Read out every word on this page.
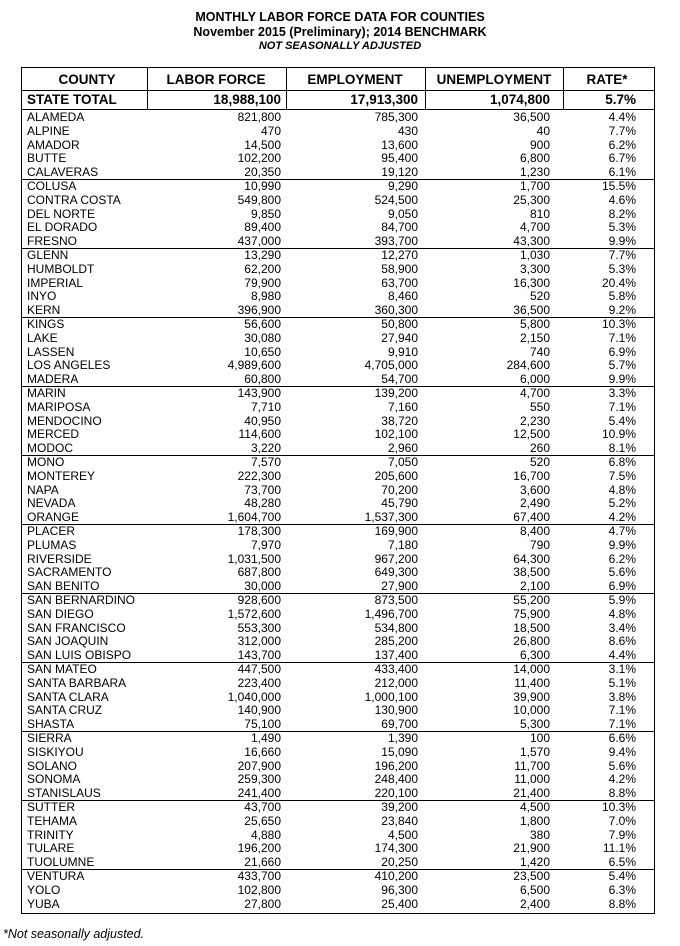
MONTHLY LABOR FORCE DATA FOR COUNTIES
November 2015 (Preliminary); 2014 BENCHMARK
NOT SEASONALLY ADJUSTED
COUNTY	LABOR FORCE	EMPLOYMENT	UNEMPLOYMENT	RATE*
STATE TOTAL	18,988,100	17,913,300	1,074,800	5.7%
ALAMEDA	821,800	785,300	36,500	4.4%
ALPINE	470	430	40	7.7%
AMADOR	14,500	13,600	900	6.2%
BUTTE	102,200	95,400	6,800	6.7%
CALAVERAS	20,350	19,120	1,230	6.1%
COLUSA	10,990	9,290	1,700	15.5%
CONTRA COSTA	549,800	524,500	25,300	4.6%
DEL NORTE	9,850	9,050	810	8.2%
EL DORADO	89,400	84,700	4,700	5.3%
FRESNO	437,000	393,700	43,300	9.9%
GLENN	13,290	12,270	1,030	7.7%
HUMBOLDT	62,200	58,900	3,300	5.3%
IMPERIAL	79,900	63,700	16,300	20.4%
INYO	8,980	8,460	520	5.8%
KERN	396,900	360,300	36,500	9.2%
KINGS	56,600	50,800	5,800	10.3%
LAKE	30,080	27,940	2,150	7.1%
LASSEN	10,650	9,910	740	6.9%
LOS ANGELES	4,989,600	4,705,000	284,600	5.7%
MADERA	60,800	54,700	6,000	9.9%
MARIN	143,900	139,200	4,700	3.3%
MARIPOSA	7,710	7,160	550	7.1%
MENDOCINO	40,950	38,720	2,230	5.4%
MERCED	114,600	102,100	12,500	10.9%
MODOC	3,220	2,960	260	8.1%
MONO	7,570	7,050	520	6.8%
MONTEREY	222,300	205,600	16,700	7.5%
NAPA	73,700	70,200	3,600	4.8%
NEVADA	48,280	45,790	2,490	5.2%
ORANGE	1,604,700	1,537,300	67,400	4.2%
PLACER	178,300	169,900	8,400	4.7%
PLUMAS	7,970	7,180	790	9.9%
RIVERSIDE	1,031,500	967,200	64,300	6.2%
SACRAMENTO	687,800	649,300	38,500	5.6%
SAN BENITO	30,000	27,900	2,100	6.9%
SAN BERNARDINO	928,600	873,500	55,200	5.9%
SAN DIEGO	1,572,600	1,496,700	75,900	4.8%
SAN FRANCISCO	553,300	534,800	18,500	3.4%
SAN JOAQUIN	312,000	285,200	26,800	8.6%
SAN LUIS OBISPO	143,700	137,400	6,300	4.4%
SAN MATEO	447,500	433,400	14,000	3.1%
SANTA BARBARA	223,400	212,000	11,400	5.1%
SANTA CLARA	1,040,000	1,000,100	39,900	3.8%
SANTA CRUZ	140,900	130,900	10,000	7.1%
SHASTA	75,100	69,700	5,300	7.1%
SIERRA	1,490	1,390	100	6.6%
SISKIYOU	16,660	15,090	1,570	9.4%
SOLANO	207,900	196,200	11,700	5.6%
SONOMA	259,300	248,400	11,000	4.2%
STANISLAUS	241,400	220,100	21,400	8.8%
SUTTER	43,700	39,200	4,500	10.3%
TEHAMA	25,650	23,840	1,800	7.0%
TRINITY	4,880	4,500	380	7.9%
TULARE	196,200	174,300	21,900	11.1%
TUOLUMNE	21,660	20,250	1,420	6.5%
VENTURA	433,700	410,200	23,500	5.4%
YOLO	102,800	96,300	6,500	6.3%
YUBA	27,800	25,400	2,400	8.8%
*Not seasonally adjusted.
